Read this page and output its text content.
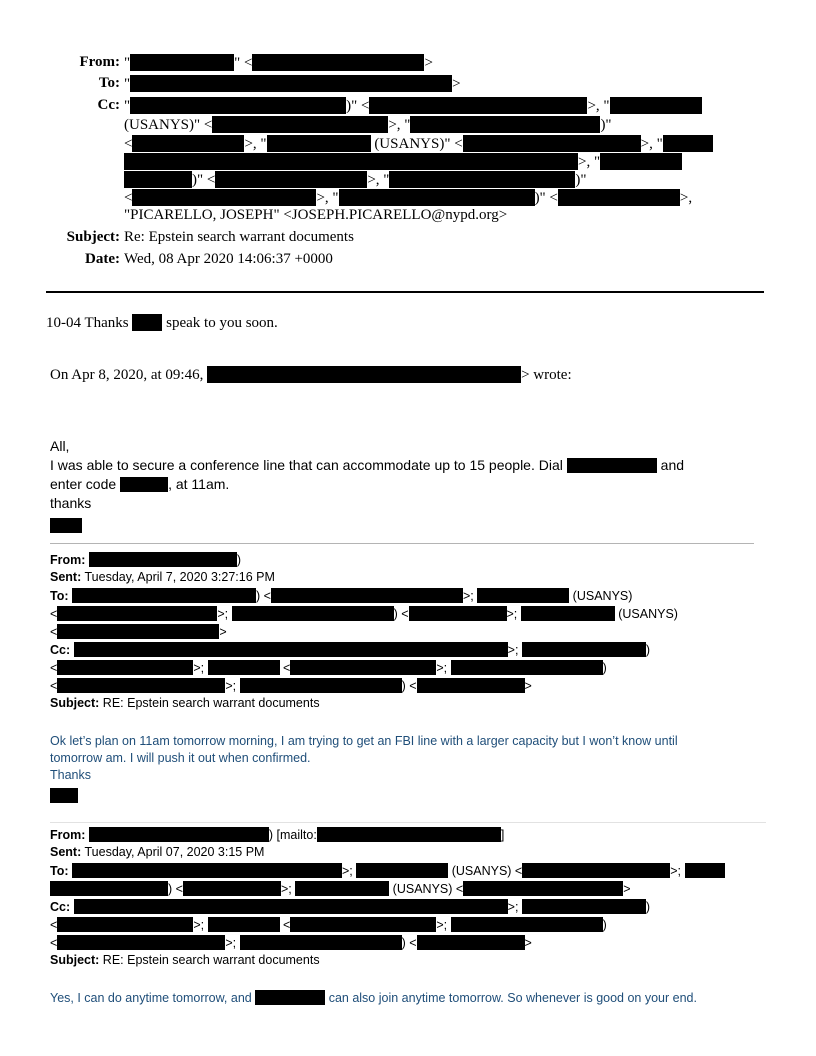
From: "	" <	>
To: "	>
Cc: "	)" <	>, "
(USANYS)" <	>, "	)"
<	>, "	(USANYS)" <	>, "
>, "
)" <	>, "	)"
<	>, "	)" <	>,
"PICARELLO, JOSEPH" <JOSEPH.PICARELLO@nypd.org>
Subject: Re: Epstein search warrant documents
Date: Wed, 08 Apr 2020 14:06:37 +0000
10-04 Thanks	speak to you soon.
On Apr 8, 2020, at 09:46,	> wrote:
All,
I was able to secure a conference line that can accommodate up to 15 people. Dial	and
enter code	, at 11am.
thanks
From:	)
Sent: Tuesday, April 7, 2020 3:27:16 PM
To:	) <	>;	(USANYS)
<	>;	) <	>;	(USANYS)
<	>
Cc:	>;	)
<	>;	<	>;	)
<	>;	) <	>
Subject: RE: Epstein search warrant documents
Ok let’s plan on 11am tomorrow morning, I am trying to get an FBI line with a larger capacity but I won’t know until
tomorrow am. I will push it out when confirmed.
Thanks
From:	) [mailto:	]
Sent: Tuesday, April 07, 2020 3:15 PM
To:	>;	(USANYS) <	>;
) <	>;	(USANYS) <	>
Cc:	>;	)
<	>;	<	>;	)
<	>;	) <	>
Subject: RE: Epstein search warrant documents
Yes, I can do anytime tomorrow, and	can also join anytime tomorrow. So whenever is good on your end.
